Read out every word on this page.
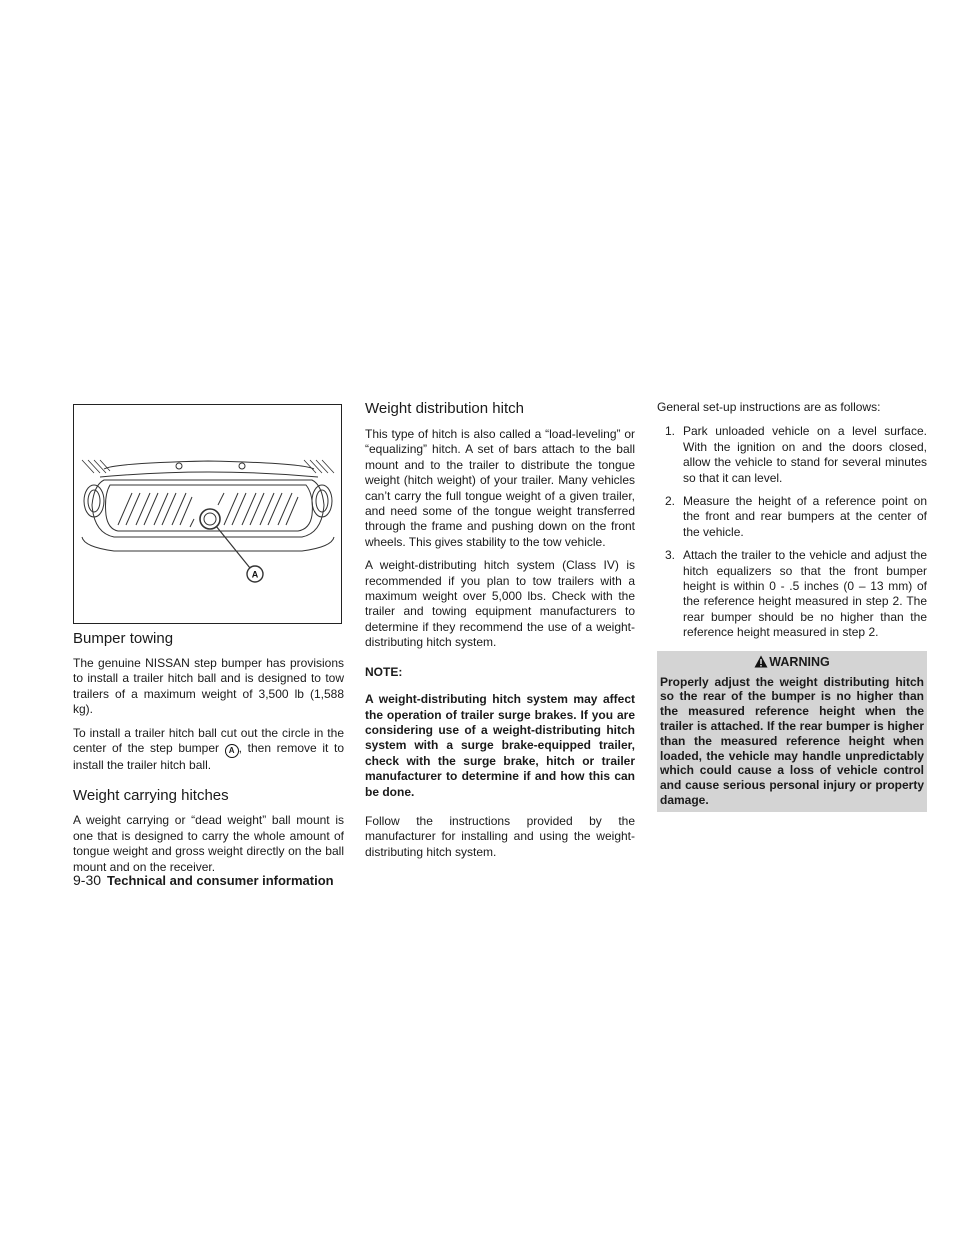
A
Bumper towing

The genuine NISSAN step bumper has provisions to install a trailer hitch ball and is designed to tow trailers of a maximum weight of 3,500 lb (1,588 kg).

To install a trailer hitch ball cut out the circle in the center of the step bumper A , then remove it to install the trailer hitch ball.

Weight carrying hitches

A weight carrying or “dead weight” ball mount is one that is designed to carry the whole amount of tongue weight and gross weight directly on the ball mount and on the receiver.

Weight distribution hitch

This type of hitch is also called a “load-leveling” or “equalizing” hitch. A set of bars attach to the ball mount and to the trailer to distribute the tongue weight (hitch weight) of your trailer. Many vehicles can’t carry the full tongue weight of a given trailer, and need some of the tongue weight transferred through the frame and pushing down on the front wheels. This gives stability to the tow vehicle.

A weight-distributing hitch system (Class IV) is recommended if you plan to tow trailers with a maximum weight over 5,000 lbs. Check with the trailer and towing equipment manufacturers to determine if they recommend the use of a weight-distributing hitch system.

NOTE:

A weight-distributing hitch system may affect the operation of trailer surge brakes. If you are considering use of a weight-distributing hitch system with a surge brake-equipped trailer, check with the surge brake, hitch or trailer manufacturer to determine if and how this can be done.

Follow the instructions provided by the manufacturer for installing and using the weight-distributing hitch system.

General set-up instructions are as follows:

1. Park unloaded vehicle on a level surface. With the ignition on and the doors closed, allow the vehicle to stand for several minutes so that it can level.
2. Measure the height of a reference point on the front and rear bumpers at the center of the vehicle.
3. Attach the trailer to the vehicle and adjust the hitch equalizers so that the front bumper height is within 0 - .5 inches (0 – 13 mm) of the reference height measured in step 2. The rear bumper should be no higher than the reference height measured in step 2.
WARNING
Properly adjust the weight distributing hitch so the rear of the bumper is no higher than the measured reference height when the trailer is attached. If the rear bumper is higher than the measured reference height when loaded, the vehicle may handle unpredictably which could cause a loss of vehicle control and cause serious personal injury or property damage.
9-30 Technical and consumer information
